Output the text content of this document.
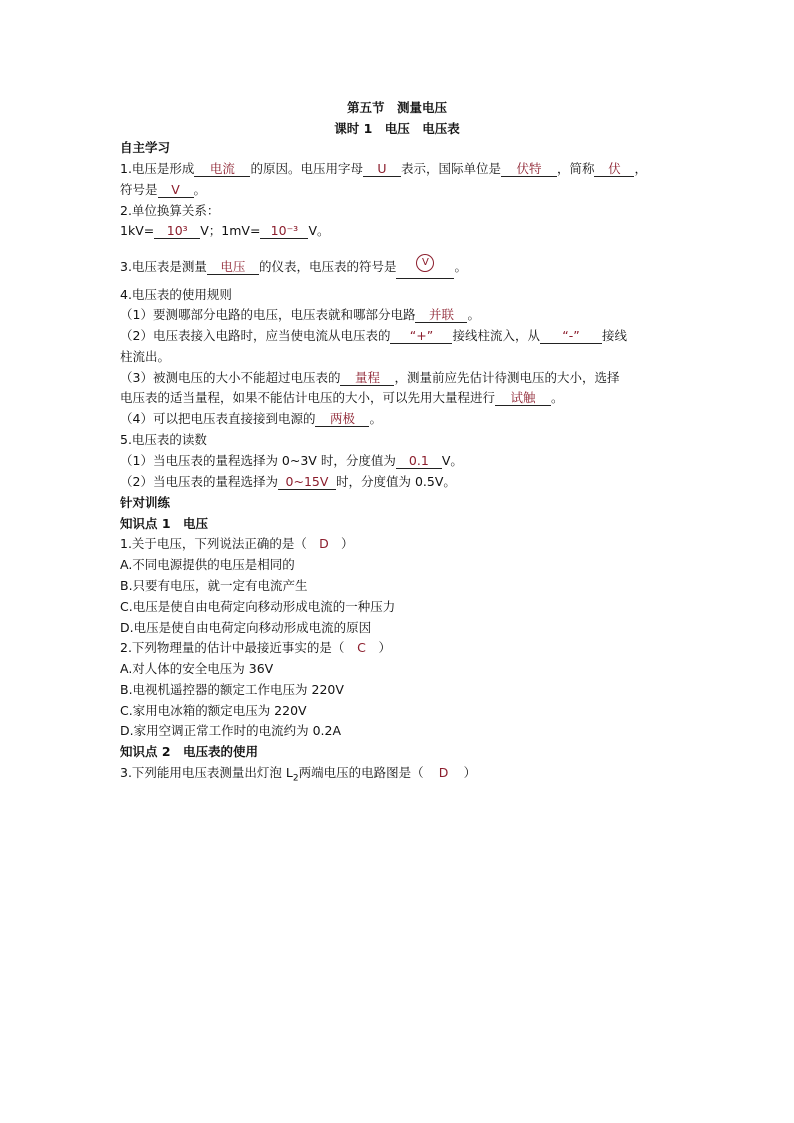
第五节　测量电压
课时 1　电压　电压表
自主学习
1.电压是形成 电流 的原因。电压用字母 U 表示，国际单位是 伏特 ，简称 伏 ，
符号是 V 。
2.单位换算关系：
1kV= 10³ V；1mV= 10⁻³ V。
3.电压表是测量 电压 的仪表，电压表的符号是	V 。
4.电压表的使用规则
（1）要测哪部分电路的电压，电压表就和哪部分电路 并联 。
（2）电压表接入电路时，应当使电流从电压表的 “+” 接线柱流入，从 “-” 接线
柱流出。
（3）被测电压的大小不能超过电压表的 量程 ，测量前应先估计待测电压的大小，选择
电压表的适当量程，如果不能估计电压的大小，可以先用大量程进行 试触 。
（4）可以把电压表直接接到电源的 两极 。
5.电压表的读数
（1）当电压表的量程选择为 0~3V 时，分度值为 0.1 V。
（2）当电压表的量程选择为 0~15V 时，分度值为 0.5V。
针对训练
知识点 1　电压
1.关于电压，下列说法正确的是（ D ）
A.不同电源提供的电压是相同的
B.只要有电压，就一定有电流产生
C.电压是使自由电荷定向移动形成电流的一种压力
D.电压是使自由电荷定向移动形成电流的原因
2.下列物理量的估计中最接近事实的是（ C ）
A.对人体的安全电压为 36V
B.电视机遥控器的额定工作电压为 220V
C.家用电冰箱的额定电压为 220V
D.家用空调正常工作时的电流约为 0.2A
知识点 2　电压表的使用
3.下列能用电压表测量出灯泡 $L_2$两端电压的电路图是（ D ）
